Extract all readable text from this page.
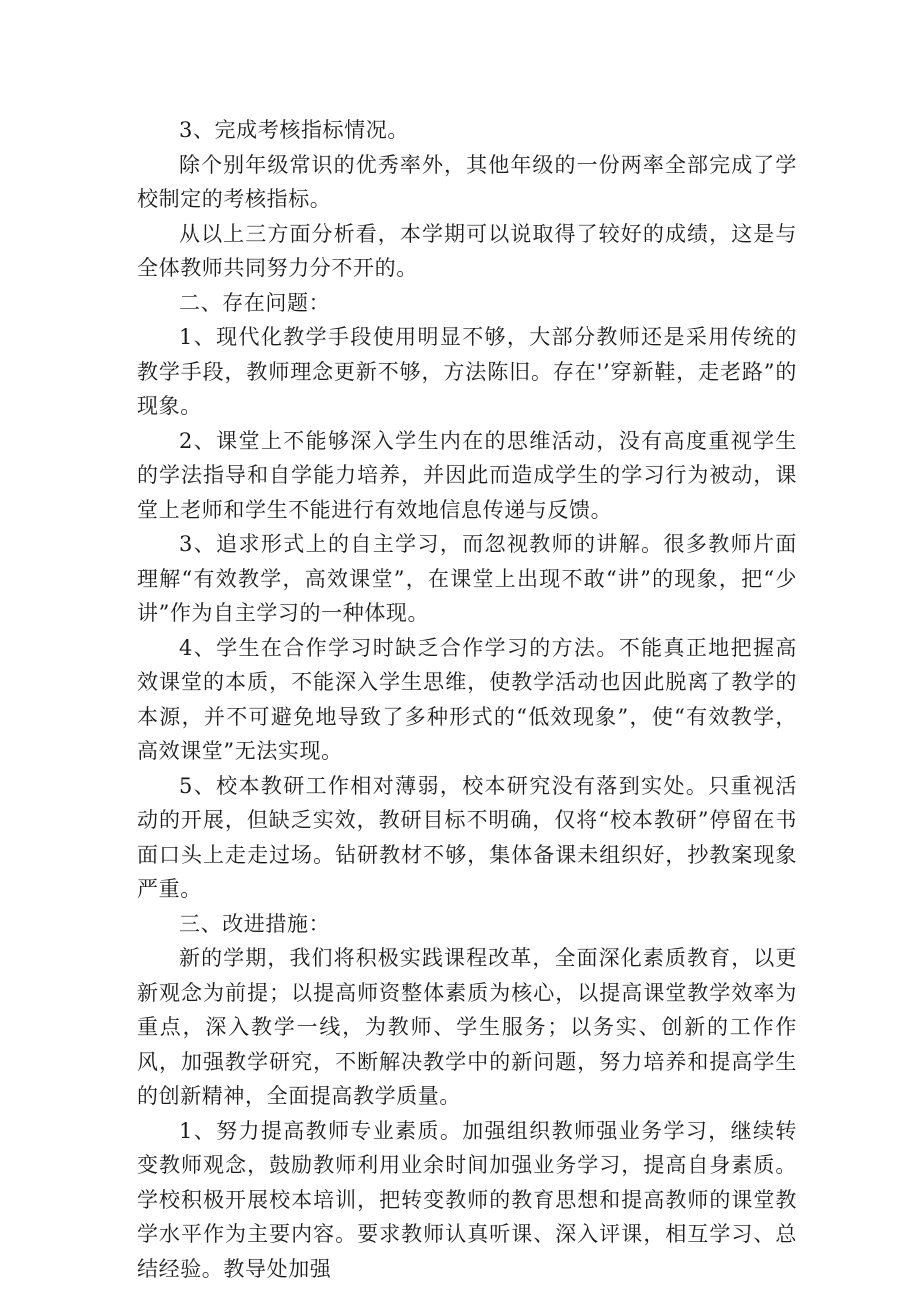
3、完成考核指标情况。

除个别年级常识的优秀率外，其他年级的一份两率全部完成了学校制定的考核指标。

从以上三方面分析看，本学期可以说取得了较好的成绩，这是与全体教师共同努力分不开的。

二、存在问题：

1、现代化教学手段使用明显不够，大部分教师还是采用传统的教学手段，教师理念更新不够，方法陈旧。存在'’穿新鞋，走老路”的现象。

2、课堂上不能够深入学生内在的思维活动，没有高度重视学生的学法指导和自学能力培养，并因此而造成学生的学习行为被动，课堂上老师和学生不能进行有效地信息传递与反馈。

3、追求形式上的自主学习，而忽视教师的讲解。很多教师片面理解“有效教学，高效课堂”，在课堂上出现不敢“讲”的现象，把“少讲”作为自主学习的一种体现。

4、学生在合作学习时缺乏合作学习的方法。不能真正地把握高效课堂的本质，不能深入学生思维，使教学活动也因此脱离了教学的本源，并不可避免地导致了多种形式的“低效现象”，使“有效教学，高效课堂”无法实现。

5、校本教研工作相对薄弱，校本研究没有落到实处。只重视活动的开展，但缺乏实效，教研目标不明确，仅将“校本教研”停留在书面口头上走走过场。钻研教材不够，集体备课未组织好，抄教案现象严重。

三、改进措施：

新的学期，我们将积极实践课程改革，全面深化素质教育，以更新观念为前提；以提高师资整体素质为核心，以提高课堂教学效率为重点，深入教学一线，为教师、学生服务；以务实、创新的工作作风，加强教学研究，不断解决教学中的新问题，努力培养和提高学生的创新精神，全面提高教学质量。

1、努力提高教师专业素质。加强组织教师强业务学习，继续转变教师观念，鼓励教师利用业余时间加强业务学习，提高自身素质。学校积极开展校本培训，把转变教师的教育思想和提高教师的课堂教学水平作为主要内容。要求教师认真听课、深入评课，相互学习、总结经验。教导处加强
